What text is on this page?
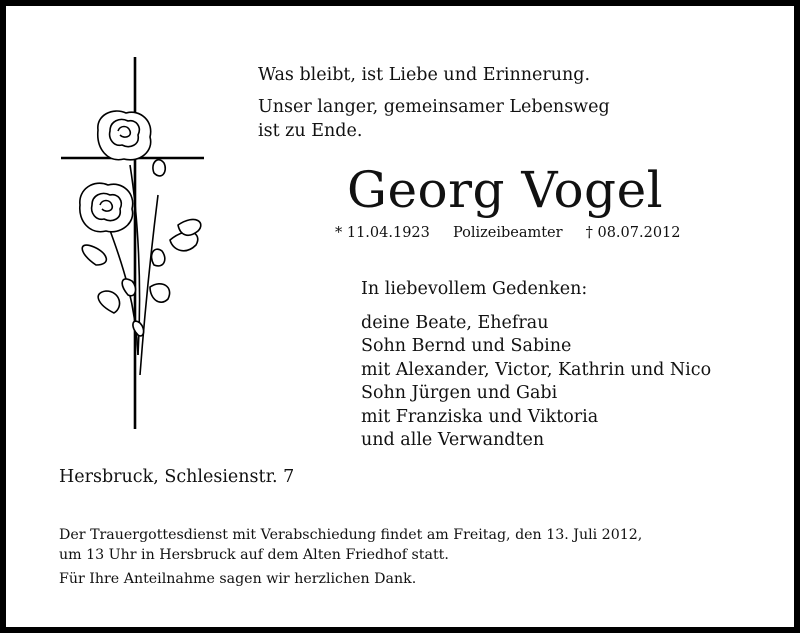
Was bleibt, ist Liebe und Erinnerung.

Unser langer, gemeinsamer Lebensweg

ist zu Ende.

Georg Vogel
* 11.04.1923 Polizeibeamter † 08.07.2012

In liebevollem Gedenken:

deine Beate, Ehefrau
Sohn Bernd und Sabine
mit Alexander, Victor, Kathrin und Nico
Sohn Jürgen und Gabi
mit Franziska und Viktoria
und alle Verwandten
Hersbruck, Schlesienstr. 7

Der Trauergottesdienst mit Verabschiedung findet am Freitag, den 13. Juli 2012,

um 13 Uhr in Hersbruck auf dem Alten Friedhof statt.

Für Ihre Anteilnahme sagen wir herzlichen Dank.
